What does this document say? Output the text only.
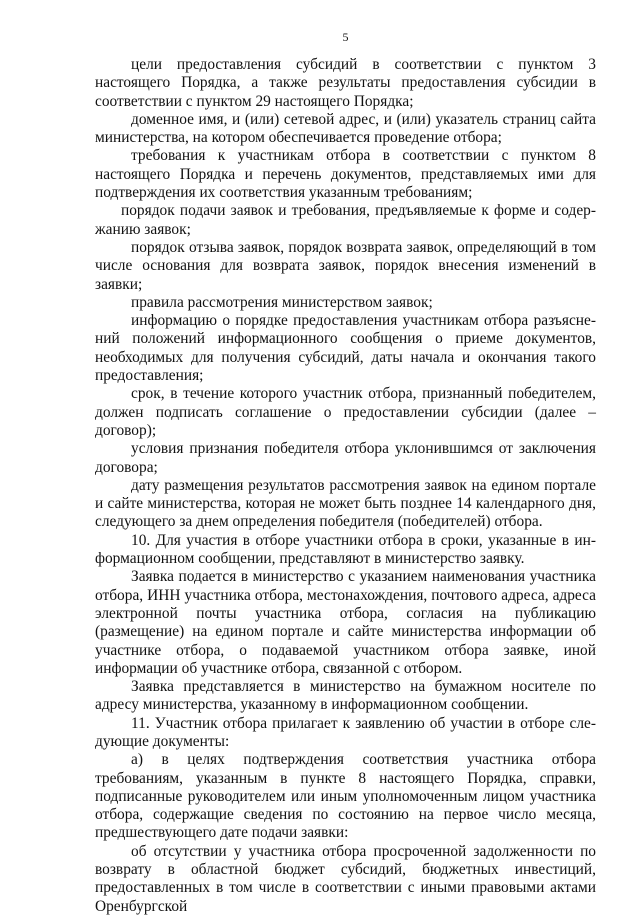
5

цели предоставления субсидий в соответствии с пунктом 3 настоящего Порядка, а также результаты предоставления субсидии в соответствии с пунктом 29 настоящего Порядка;

доменное имя, и (или) сетевой адрес, и (или) указатель страниц сайта министерства, на котором обеспечивается проведение отбора;

требования к участникам отбора в соответствии с пунктом 8 настоящего Порядка и перечень документов, представляемых ими для подтверждения их соответствия указанным требованиям;

порядок подачи заявок и требования, предъявляемые к форме и содержанию заявок;

порядок отзыва заявок, порядок возврата заявок, определяющий в том числе основания для возврата заявок, порядок внесения изменений в заявки;

правила рассмотрения министерством заявок;

информацию о порядке предоставления участникам отбора разъяснений положений информационного сообщения о приеме документов, необходимых для получения субсидий, даты начала и окончания такого предоставления;

срок, в течение которого участник отбора, признанный победителем, должен подписать соглашение о предоставлении субсидии (далее – договор);

условия признания победителя отбора уклонившимся от заключения договора;

дату размещения результатов рассмотрения заявок на едином портале и сайте министерства, которая не может быть позднее 14 календарного дня, следующего за днем определения победителя (победителей) отбора.

10. Для участия в отборе участники отбора в сроки, указанные в информационном сообщении, представляют в министерство заявку.

Заявка подается в министерство с указанием наименования участника отбора, ИНН участника отбора, местонахождения, почтового адреса, адреса электронной почты участника отбора, согласия на публикацию (размещение) на едином портале и сайте министерства информации об участнике отбора, о подаваемой участником отбора заявке, иной информации об участнике отбора, связанной с отбором.

Заявка представляется в министерство на бумажном носителе по адресу министерства, указанному в информационном сообщении.

11. Участник отбора прилагает к заявлению об участии в отборе следующие документы:

а) в целях подтверждения соответствия участника отбора требованиям, указанным в пункте 8 настоящего Порядка, справки, подписанные руководителем или иным уполномоченным лицом участника отбора, содержащие сведения по состоянию на первое число месяца, предшествующего дате подачи заявки:

об отсутствии у участника отбора просроченной задолженности по возврату в областной бюджет субсидий, бюджетных инвестиций, предоставленных в том числе в соответствии с иными правовыми актами Оренбургской
